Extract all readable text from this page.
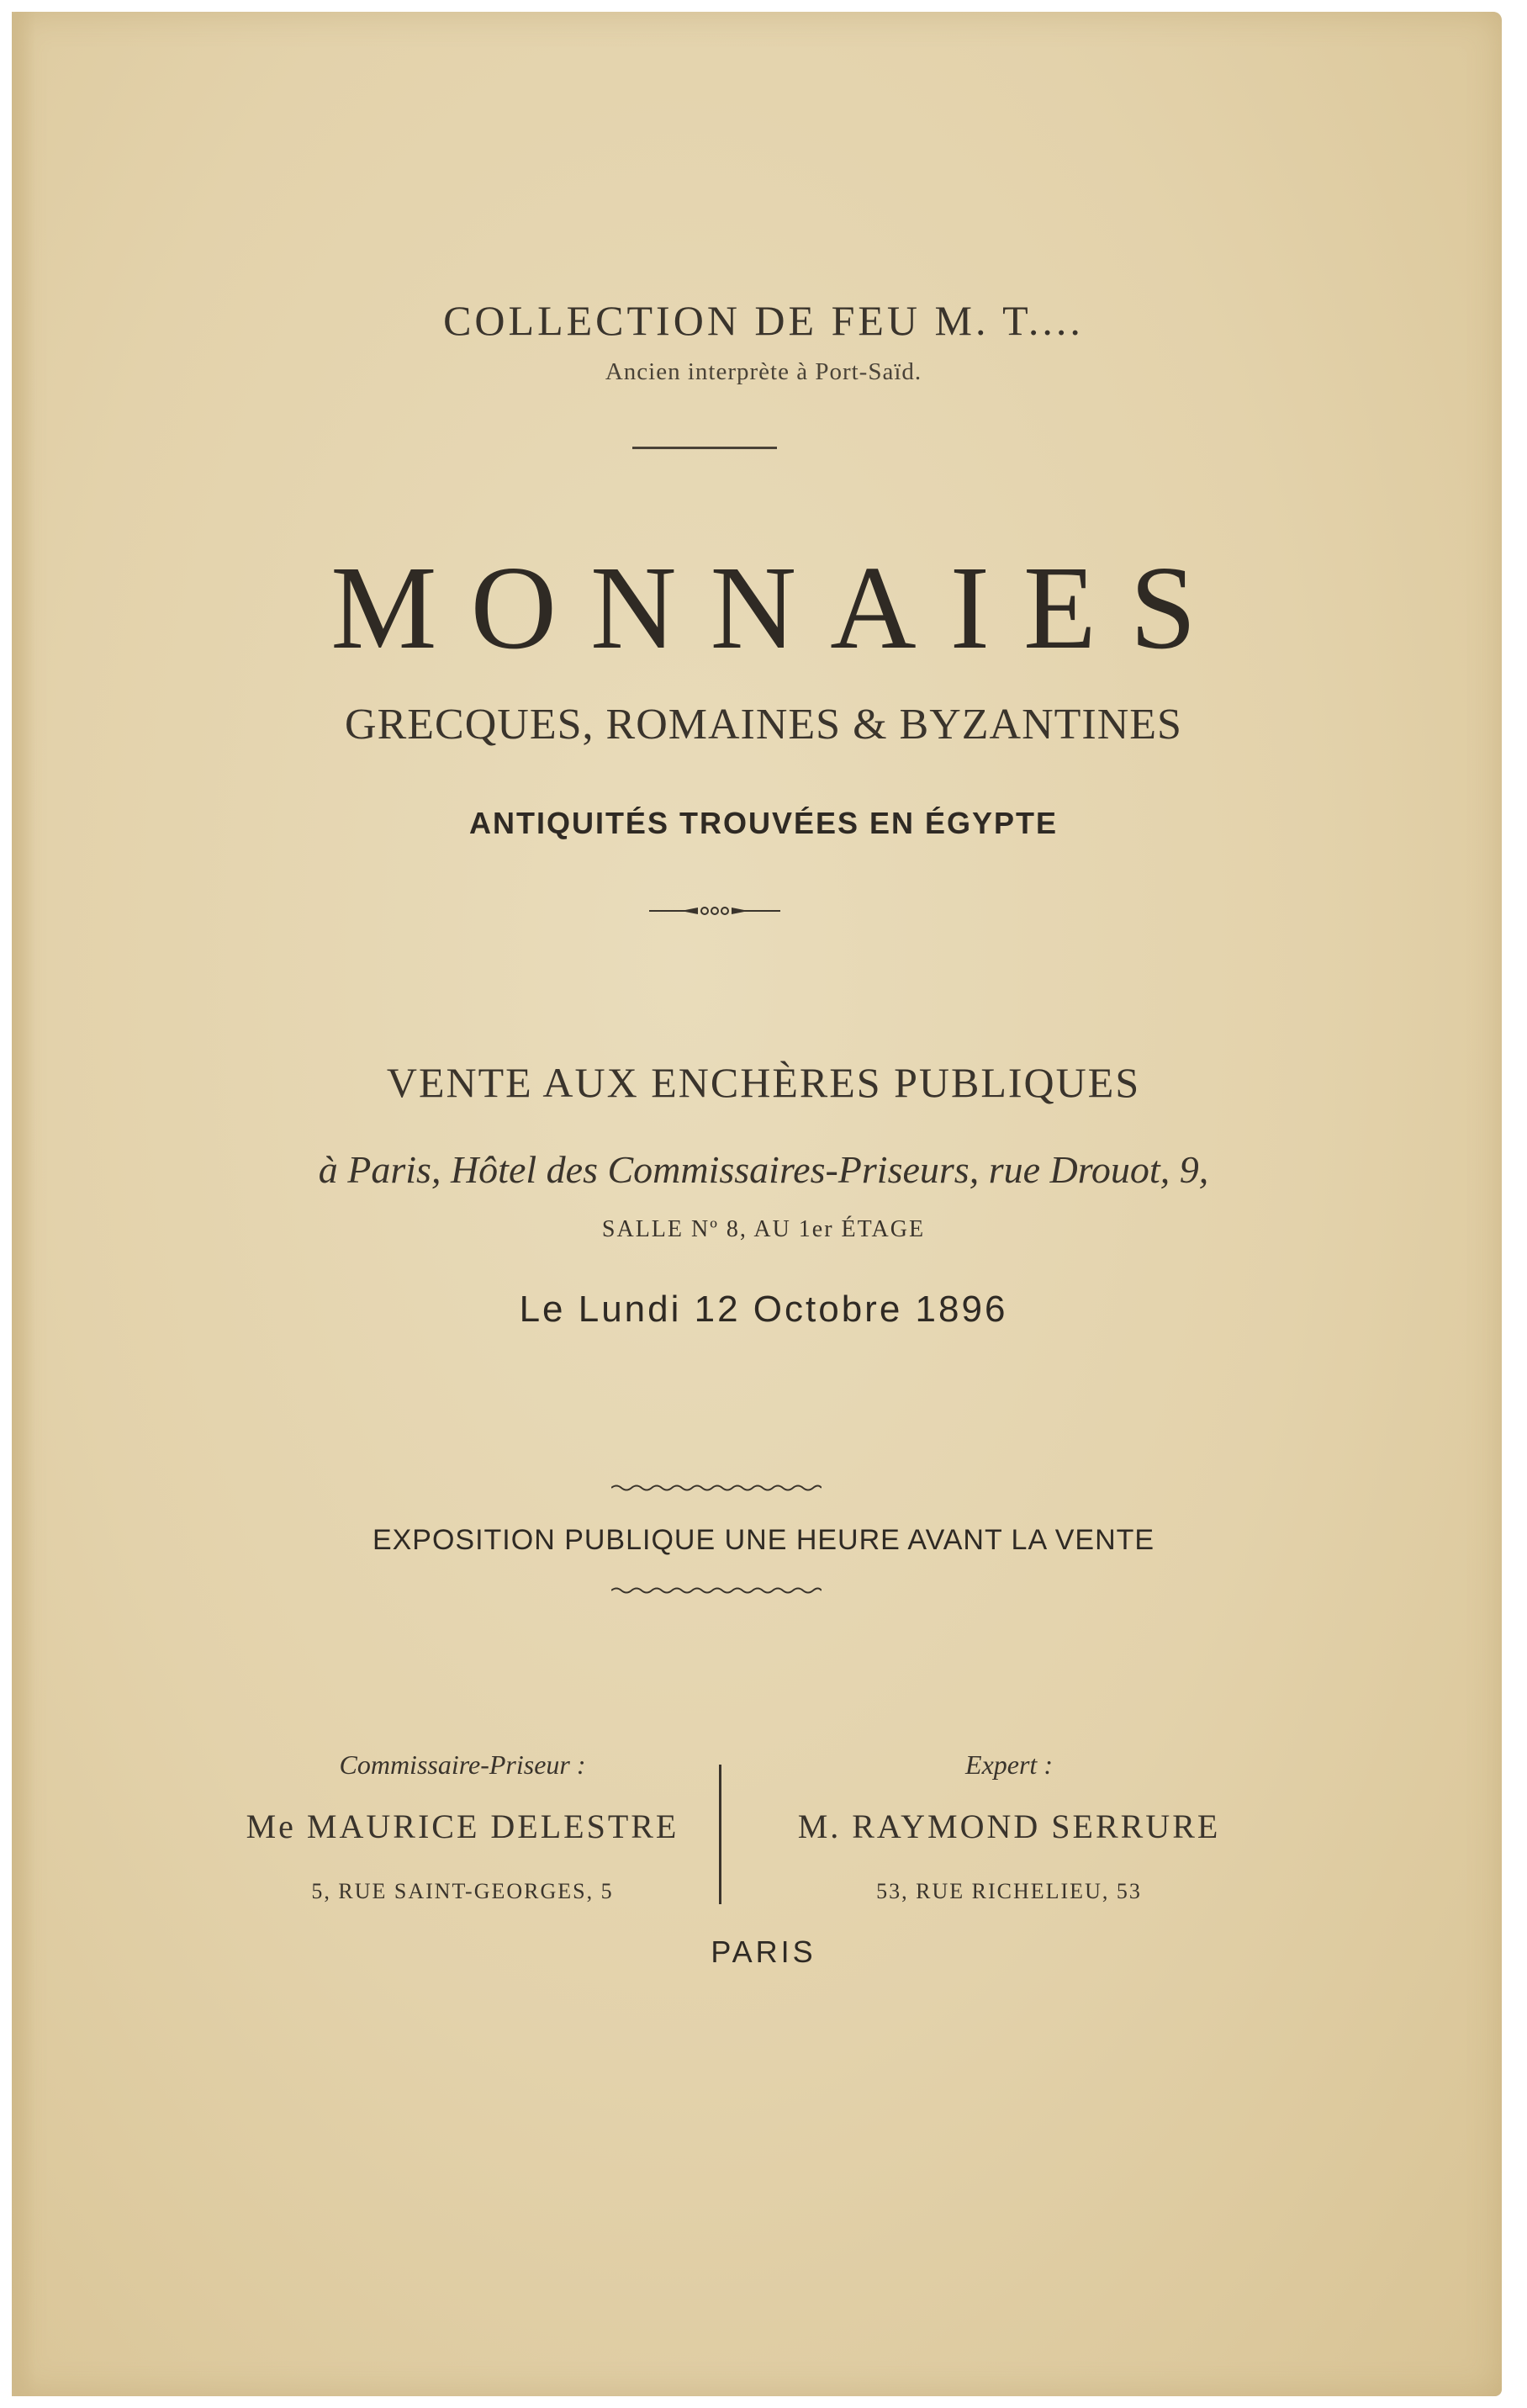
COLLECTION DE FEU M. T....
Ancien interprète à Port-Saïd.
MONNAIES
GRECQUES, ROMAINES & BYZANTINES
ANTIQUITÉS TROUVÉES EN ÉGYPTE
VENTE AUX ENCHÈRES PUBLIQUES
à Paris, Hôtel des Commissaires-Priseurs, rue Drouot, 9,
SALLE Nº 8, AU 1er ÉTAGE
Le Lundi 12 Octobre 1896
EXPOSITION PUBLIQUE UNE HEURE AVANT LA VENTE
Commissaire-Priseur :
Me MAURICE DELESTRE
5, RUE SAINT-GEORGES, 5
Expert :
M. RAYMOND SERRURE
53, RUE RICHELIEU, 53
PARIS
